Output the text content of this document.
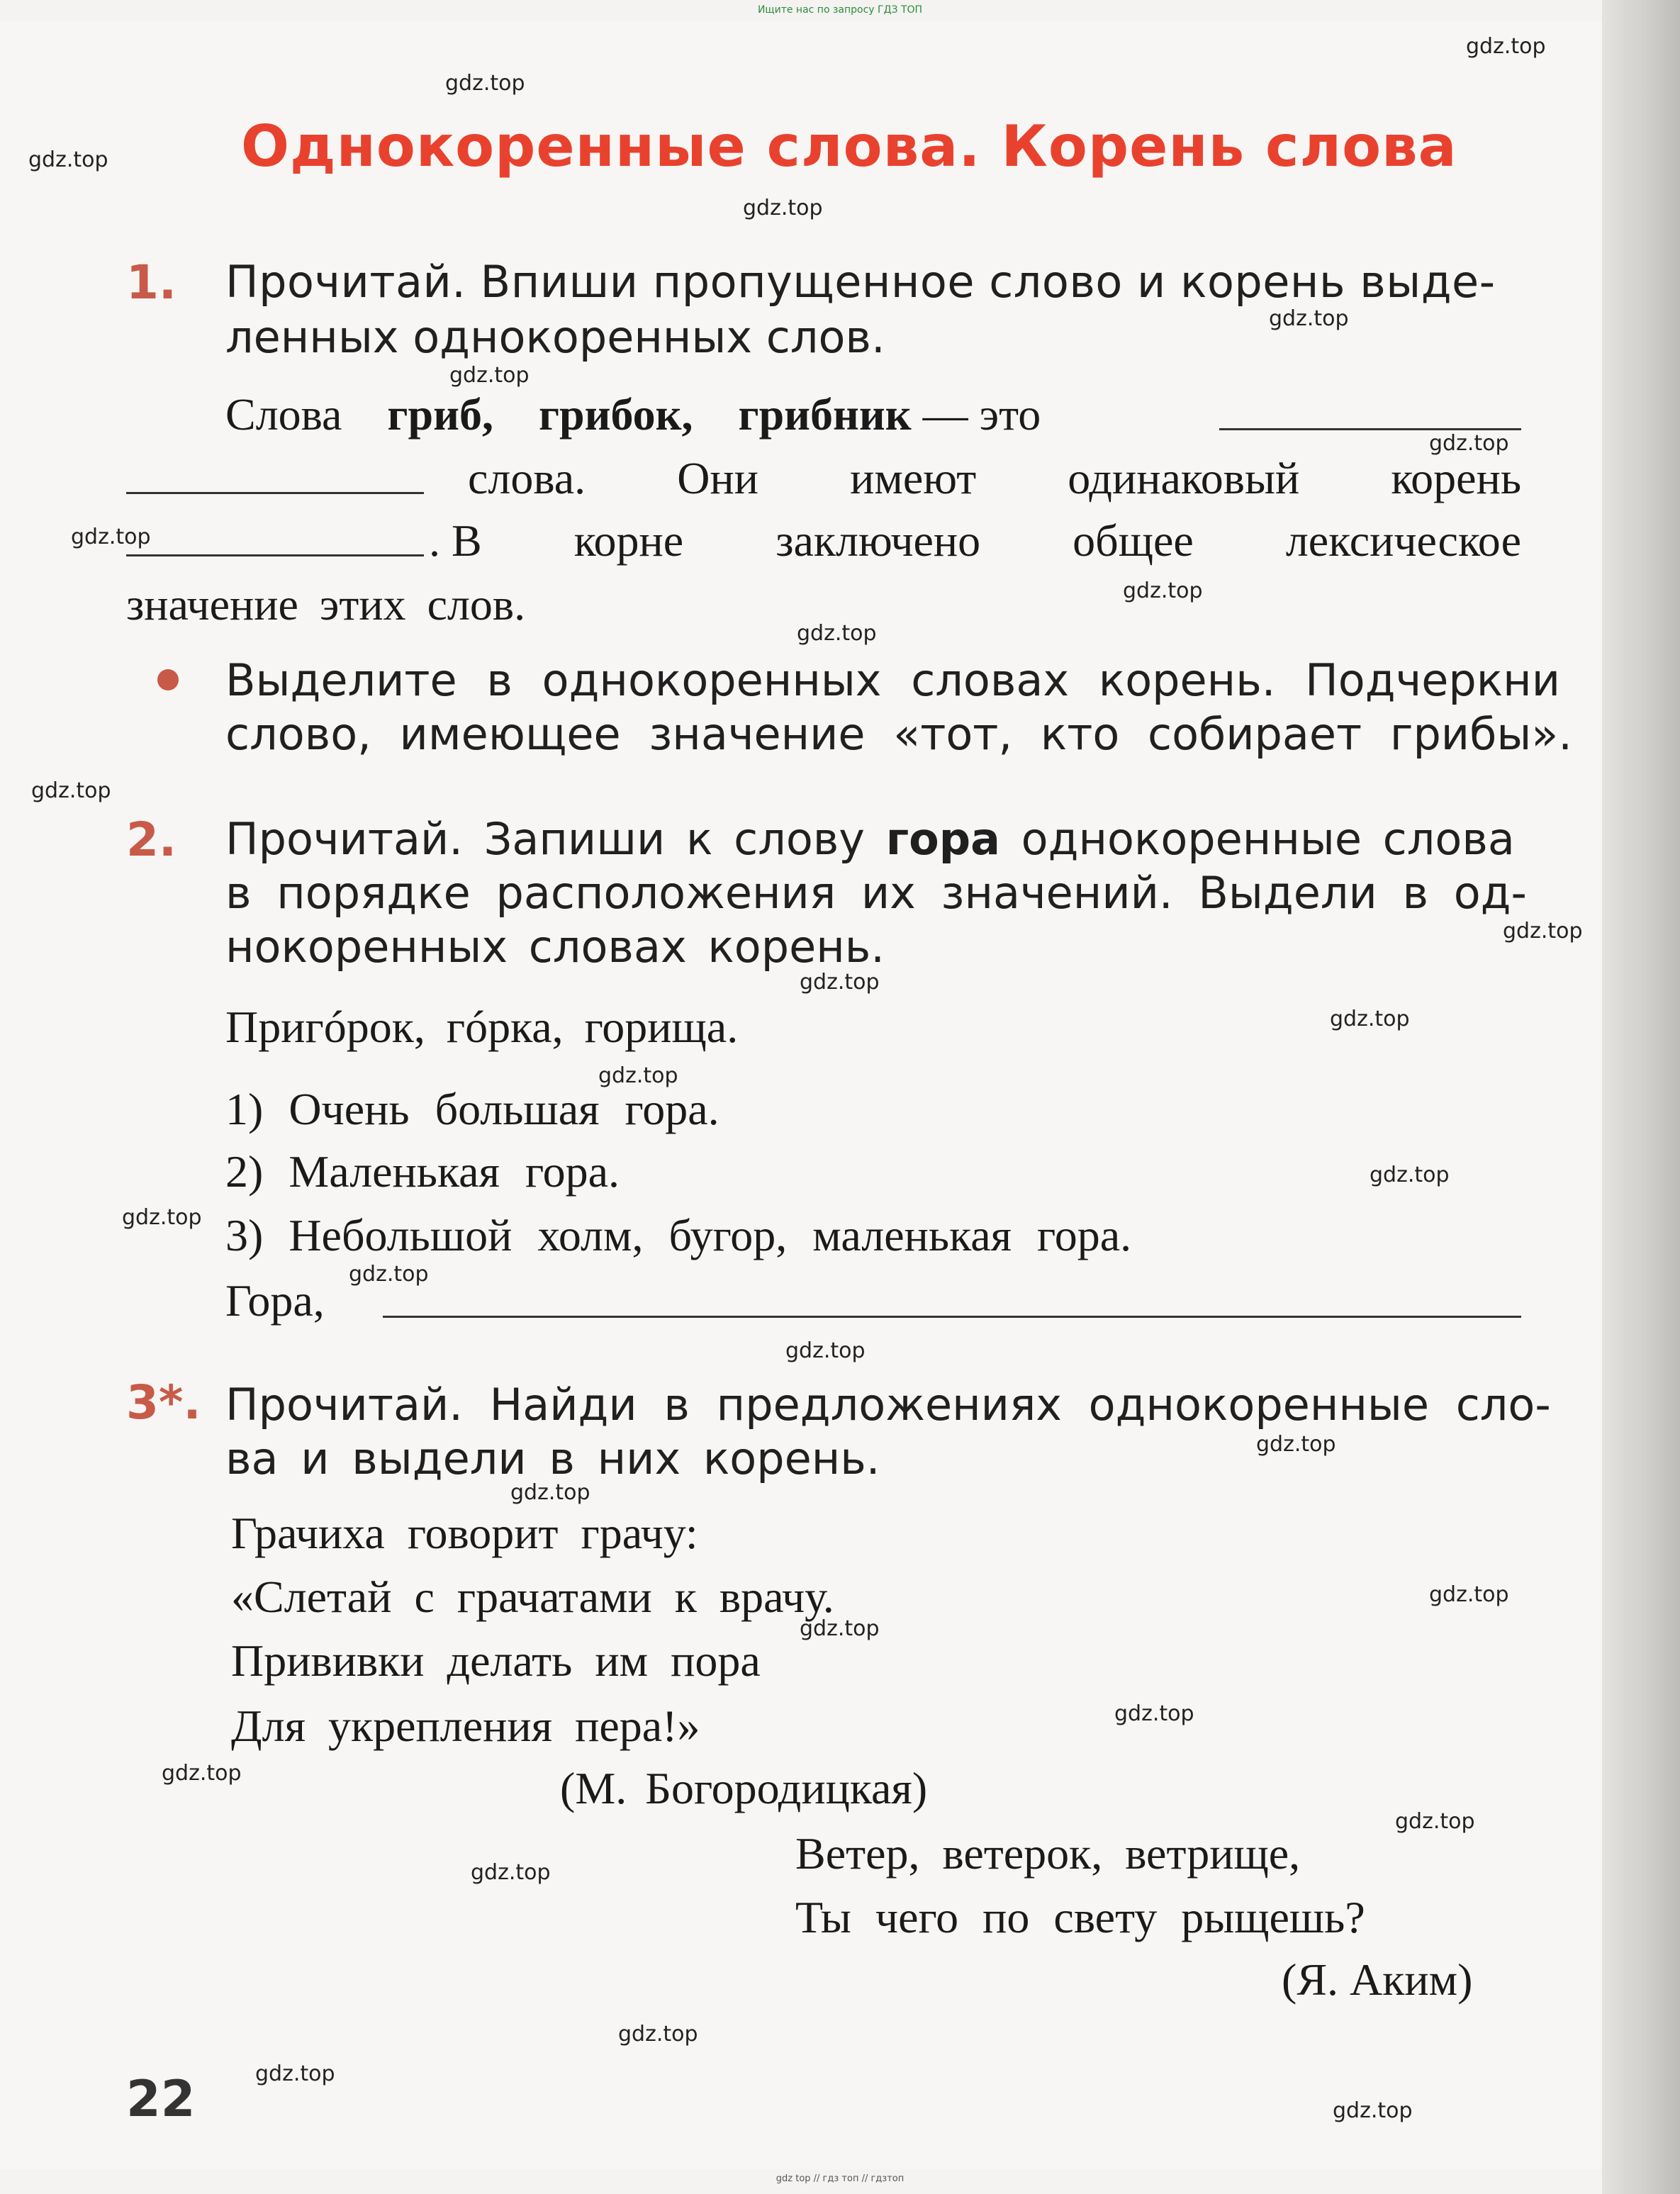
Ищите нас по запросу ГДЗ ТОП
gdz.top
gdz.top
gdz.top
gdz.top
gdz.top
gdz.top
gdz.top
gdz.top
gdz.top
gdz.top
gdz.top
gdz.top
gdz.top
gdz.top
gdz.top
gdz.top
gdz.top
gdz.top
gdz.top
gdz.top
gdz.top
gdz.top
gdz.top
gdz.top
gdz.top
gdz.top
gdz.top
gdz.top
gdz.top
gdz.top
Однокоренные слова. Корень слова
1. Прочитай. Впиши пропущенное слово и корень выде-
ленных однокоренных слов.
Слова гриб, грибок, грибник — это
слова. Они имеют одинаковый корень
. В корне заключено общее лексическое
значение этих слов.
Выделите в однокоренных словах корень. Подчеркни
слово, имеющее значение «тот, кто собирает грибы».
2. Прочитай. Запиши к слову гора однокоренные слова
в порядке расположения их значений. Выдели в од-
нокоренных словах корень.
Пригóрок, гóрка, горища.
1) Очень большая гора.
2) Маленькая гора.
3) Небольшой холм, бугор, маленькая гора.
Гора,
3*. Прочитай. Найди в предложениях однокоренные сло-
ва и выдели в них корень.
Грачиха говорит грачу:
«Слетай с грачатами к врачу.
Прививки делать им пора
Для укрепления пера!»
(М. Богородицкая)
Ветер, ветерок, ветрище,
Ты чего по свету рыщешь?
(Я. Аким)
22
gdz top // гдз топ // гдзтоп
